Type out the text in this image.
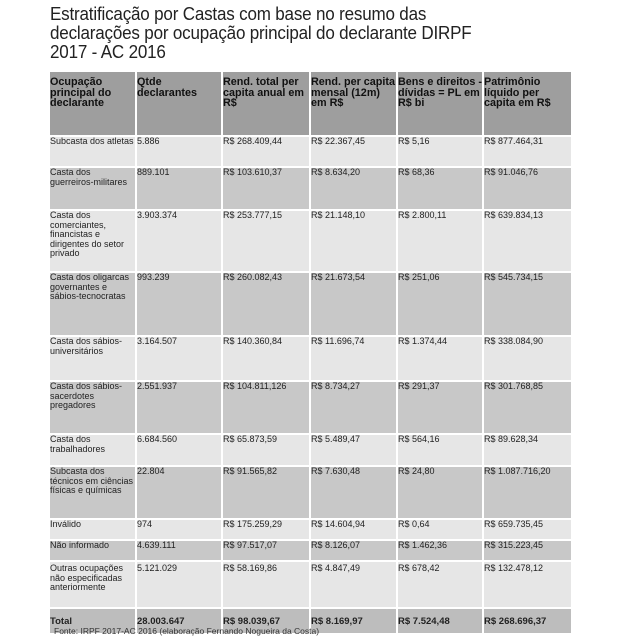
Estratificação por Castas com base no resumo das declarações por ocupação principal do declarante DIRPF 2017 - AC 2016
Ocupação principal do declarante	Qtde declarantes	Rend. total per capita anual em R$	Rend. per capita mensal (12m) em R$	Bens e direitos - dívidas = PL em R$ bi	Patrimônio líquido per capita em R$
Subcasta dos atletas	5.886	R$ 268.409,44	R$ 22.367,45	R$ 5,16	R$ 877.464,31
Casta dos guerreiros-militares	889.101	R$ 103.610,37	R$ 8.634,20	R$ 68,36	R$ 91.046,76
Casta dos comerciantes, financistas e dirigentes do setor privado	3.903.374	R$ 253.777,15	R$ 21.148,10	R$ 2.800,11	R$ 639.834,13
Casta dos oligarcas governantes e sábios-tecnocratas	993.239	R$ 260.082,43	R$ 21.673,54	R$ 251,06	R$ 545.734,15
Casta dos sábios-universitários	3.164.507	R$ 140.360,84	R$ 11.696,74	R$ 1.374,44	R$ 338.084,90
Casta dos sábios-sacerdotes pregadores	2.551.937	R$ 104.811,126	R$ 8.734,27	R$ 291,37	R$ 301.768,85
Casta dos trabalhadores	6.684.560	R$ 65.873,59	R$ 5.489,47	R$ 564,16	R$ 89.628,34
Subcasta dos técnicos em ciências físicas e químicas	22.804	R$ 91.565,82	R$ 7.630,48	R$ 24,80	R$ 1.087.716,20
Inválido	974	R$ 175.259,29	R$ 14.604,94	R$ 0,64	R$ 659.735,45
Não informado	4.639.111	R$ 97.517,07	R$ 8.126,07	R$ 1.462,36	R$ 315.223,45
Outras ocupações não especificadas anteriormente	5.121.029	R$ 58.169,86	R$ 4.847,49	R$ 678,42	R$ 132.478,12
Total	28.003.647	R$ 98.039,67	R$ 8.169,97	R$ 7.524,48	R$ 268.696,37
Fonte: IRPF 2017-AC 2016 (elaboração Fernando Nogueira da Costa)
